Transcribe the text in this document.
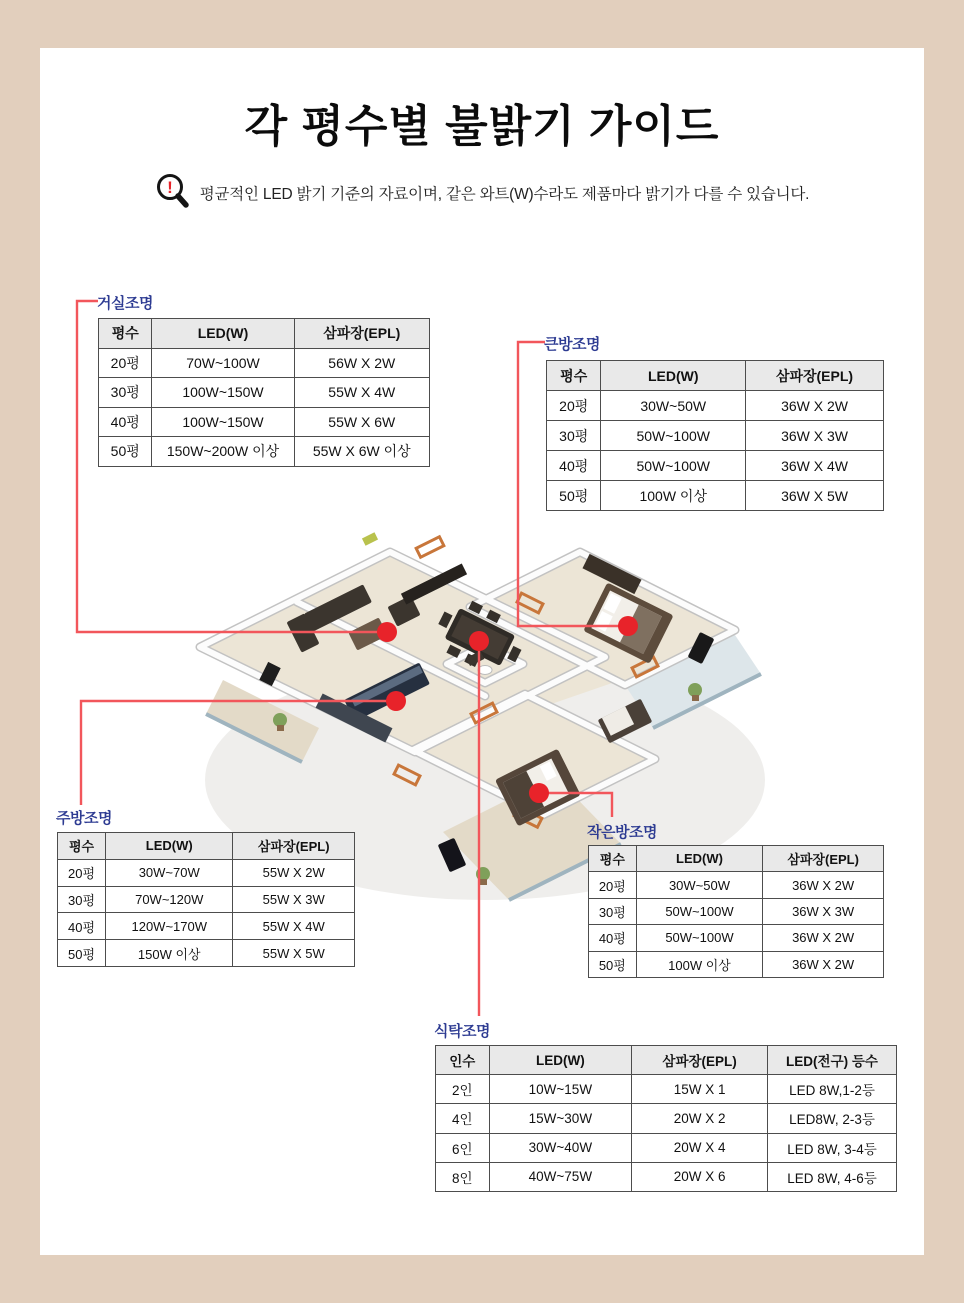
각 평수별 불밝기 가이드
! 평균적인 LED 밝기 기준의 자료이며, 같은 와트(W)수라도 제품마다 밝기가 다를 수 있습니다.
거실조명
큰방조명
주방조명
작은방조명
식탁조명
평수	LED(W)	삼파장(EPL)
20평	70W~100W	56W X 2W
30평	100W~150W	55W X 4W
40평	100W~150W	55W X 6W
50평	150W~200W 이상	55W X 6W 이상
평수	LED(W)	삼파장(EPL)
20평	30W~50W	36W X 2W
30평	50W~100W	36W X 3W
40평	50W~100W	36W X 4W
50평	100W 이상	36W X 5W
평수	LED(W)	삼파장(EPL)
20평	30W~70W	55W X 2W
30평	70W~120W	55W X 3W
40평	120W~170W	55W X 4W
50평	150W 이상	55W X 5W
평수	LED(W)	삼파장(EPL)
20평	30W~50W	36W X 2W
30평	50W~100W	36W X 3W
40평	50W~100W	36W X 2W
50평	100W 이상	36W X 2W
인수	LED(W)	삼파장(EPL)	LED(전구) 등수
2인	10W~15W	15W X 1	LED 8W,1-2등
4인	15W~30W	20W X 2	LED8W, 2-3등
6인	30W~40W	20W X 4	LED 8W, 3-4등
8인	40W~75W	20W X 6	LED 8W, 4-6등
